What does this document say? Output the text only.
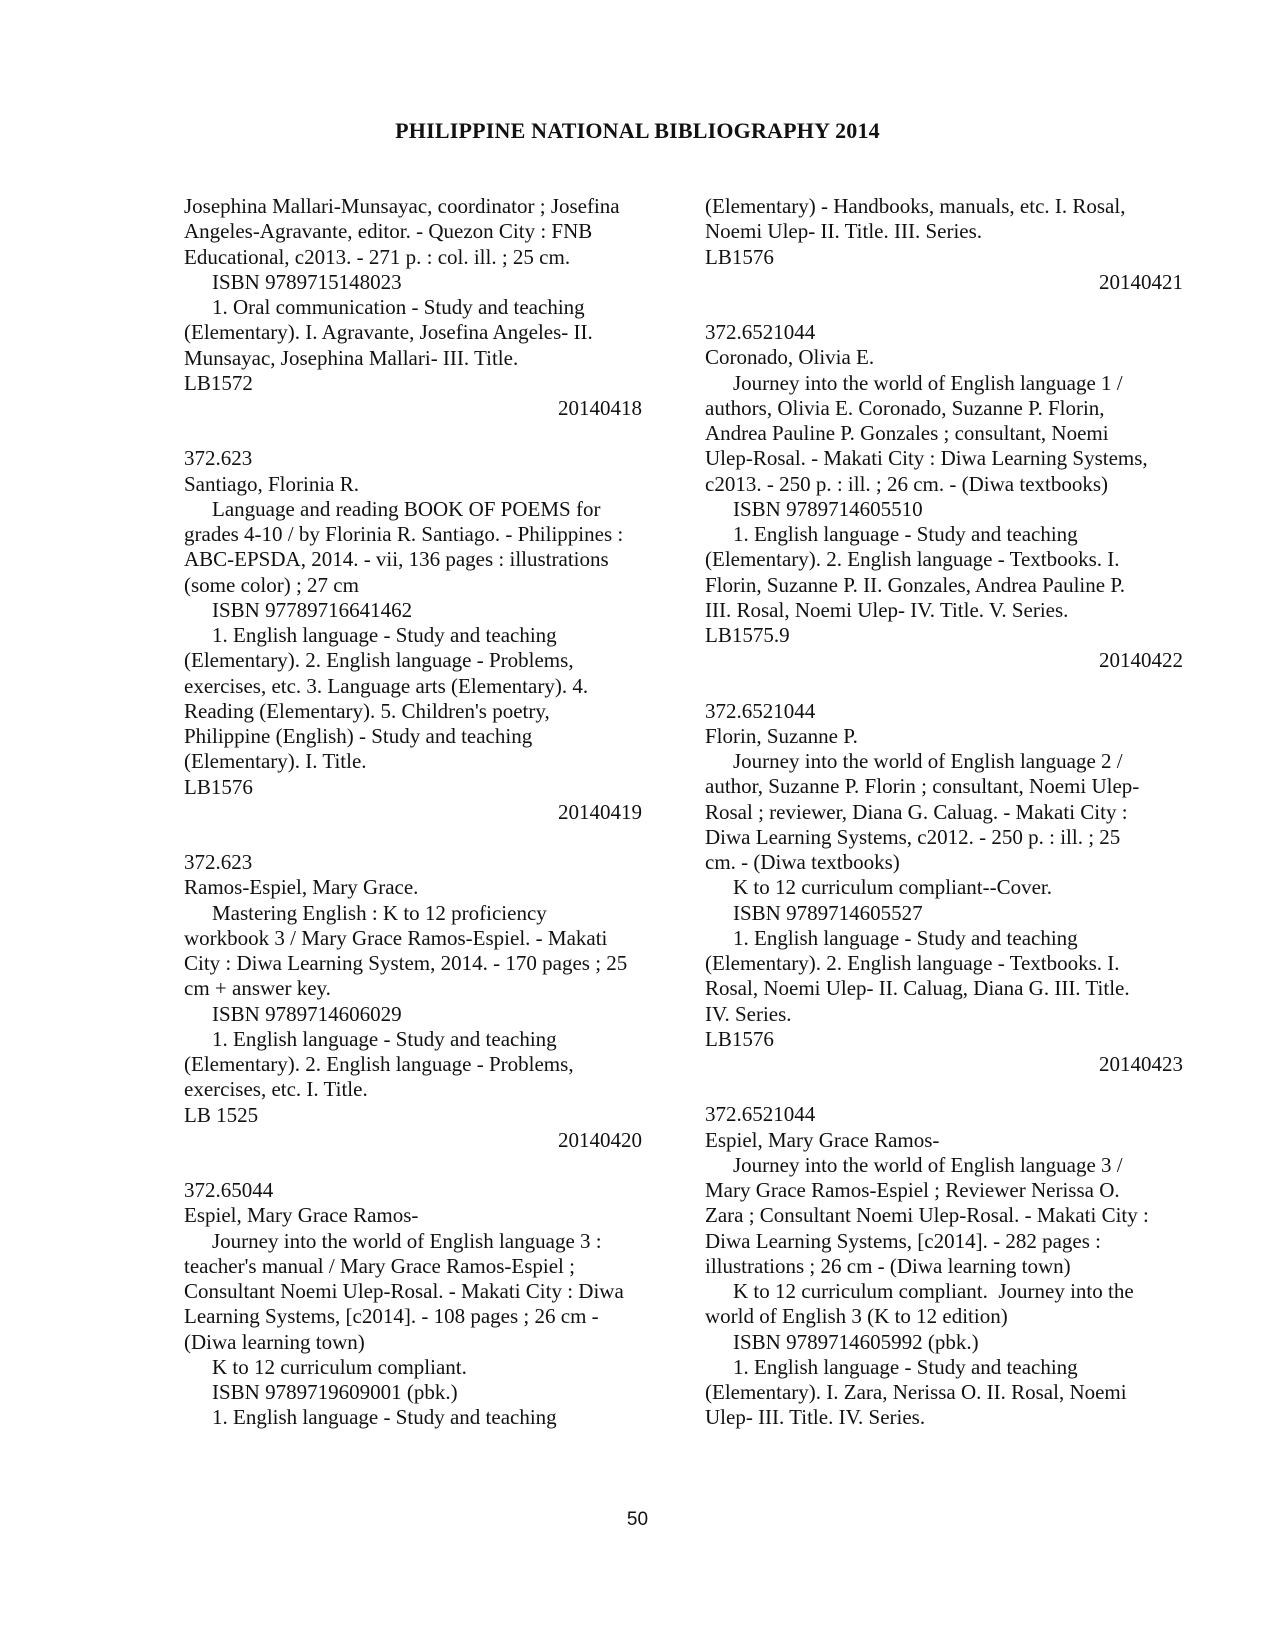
PHILIPPINE NATIONAL BIBLIOGRAPHY 2014
Josephina Mallari-Munsayac, coordinator ; Josefina
Angeles-Agravante, editor. - Quezon City : FNB
Educational, c2013. - 271 p. : col. ill. ; 25 cm.
ISBN 9789715148023
1. Oral communication - Study and teaching
(Elementary). I. Agravante, Josefina Angeles- II.
Munsayac, Josephina Mallari- III. Title.
LB1572
20140418
372.623
Santiago, Florinia R.
Language and reading BOOK OF POEMS for
grades 4-10 / by Florinia R. Santiago. - Philippines :
ABC-EPSDA, 2014. - vii, 136 pages : illustrations
(some color) ; 27 cm
ISBN 97789716641462
1. English language - Study and teaching
(Elementary). 2. English language - Problems,
exercises, etc. 3. Language arts (Elementary). 4.
Reading (Elementary). 5. Children's poetry,
Philippine (English) - Study and teaching
(Elementary). I. Title.
LB1576
20140419
372.623
Ramos-Espiel, Mary Grace.
Mastering English : K to 12 proficiency
workbook 3 / Mary Grace Ramos-Espiel. - Makati
City : Diwa Learning System, 2014. - 170 pages ; 25
cm + answer key.
ISBN 9789714606029
1. English language - Study and teaching
(Elementary). 2. English language - Problems,
exercises, etc. I. Title.
LB 1525
20140420
372.65044
Espiel, Mary Grace Ramos-
Journey into the world of English language 3 :
teacher's manual / Mary Grace Ramos-Espiel ;
Consultant Noemi Ulep-Rosal. - Makati City : Diwa
Learning Systems, [c2014]. - 108 pages ; 26 cm -
(Diwa learning town)
K to 12 curriculum compliant.
ISBN 9789719609001 (pbk.)
1. English language - Study and teaching
(Elementary) - Handbooks, manuals, etc. I. Rosal,
Noemi Ulep- II. Title. III. Series.
LB1576
20140421
372.6521044
Coronado, Olivia E.
Journey into the world of English language 1 /
authors, Olivia E. Coronado, Suzanne P. Florin,
Andrea Pauline P. Gonzales ; consultant, Noemi
Ulep-Rosal. - Makati City : Diwa Learning Systems,
c2013. - 250 p. : ill. ; 26 cm. - (Diwa textbooks)
ISBN 9789714605510
1. English language - Study and teaching
(Elementary). 2. English language - Textbooks. I.
Florin, Suzanne P. II. Gonzales, Andrea Pauline P.
III. Rosal, Noemi Ulep- IV. Title. V. Series.
LB1575.9
20140422
372.6521044
Florin, Suzanne P.
Journey into the world of English language 2 /
author, Suzanne P. Florin ; consultant, Noemi Ulep-
Rosal ; reviewer, Diana G. Caluag. - Makati City :
Diwa Learning Systems, c2012. - 250 p. : ill. ; 25
cm. - (Diwa textbooks)
K to 12 curriculum compliant--Cover.
ISBN 9789714605527
1. English language - Study and teaching
(Elementary). 2. English language - Textbooks. I.
Rosal, Noemi Ulep- II. Caluag, Diana G. III. Title.
IV. Series.
LB1576
20140423
372.6521044
Espiel, Mary Grace Ramos-
Journey into the world of English language 3 /
Mary Grace Ramos-Espiel ; Reviewer Nerissa O.
Zara ; Consultant Noemi Ulep-Rosal. - Makati City :
Diwa Learning Systems, [c2014]. - 282 pages :
illustrations ; 26 cm - (Diwa learning town)
K to 12 curriculum compliant.  Journey into the
world of English 3 (K to 12 edition)
ISBN 9789714605992 (pbk.)
1. English language - Study and teaching
(Elementary). I. Zara, Nerissa O. II. Rosal, Noemi
Ulep- III. Title. IV. Series.
50
